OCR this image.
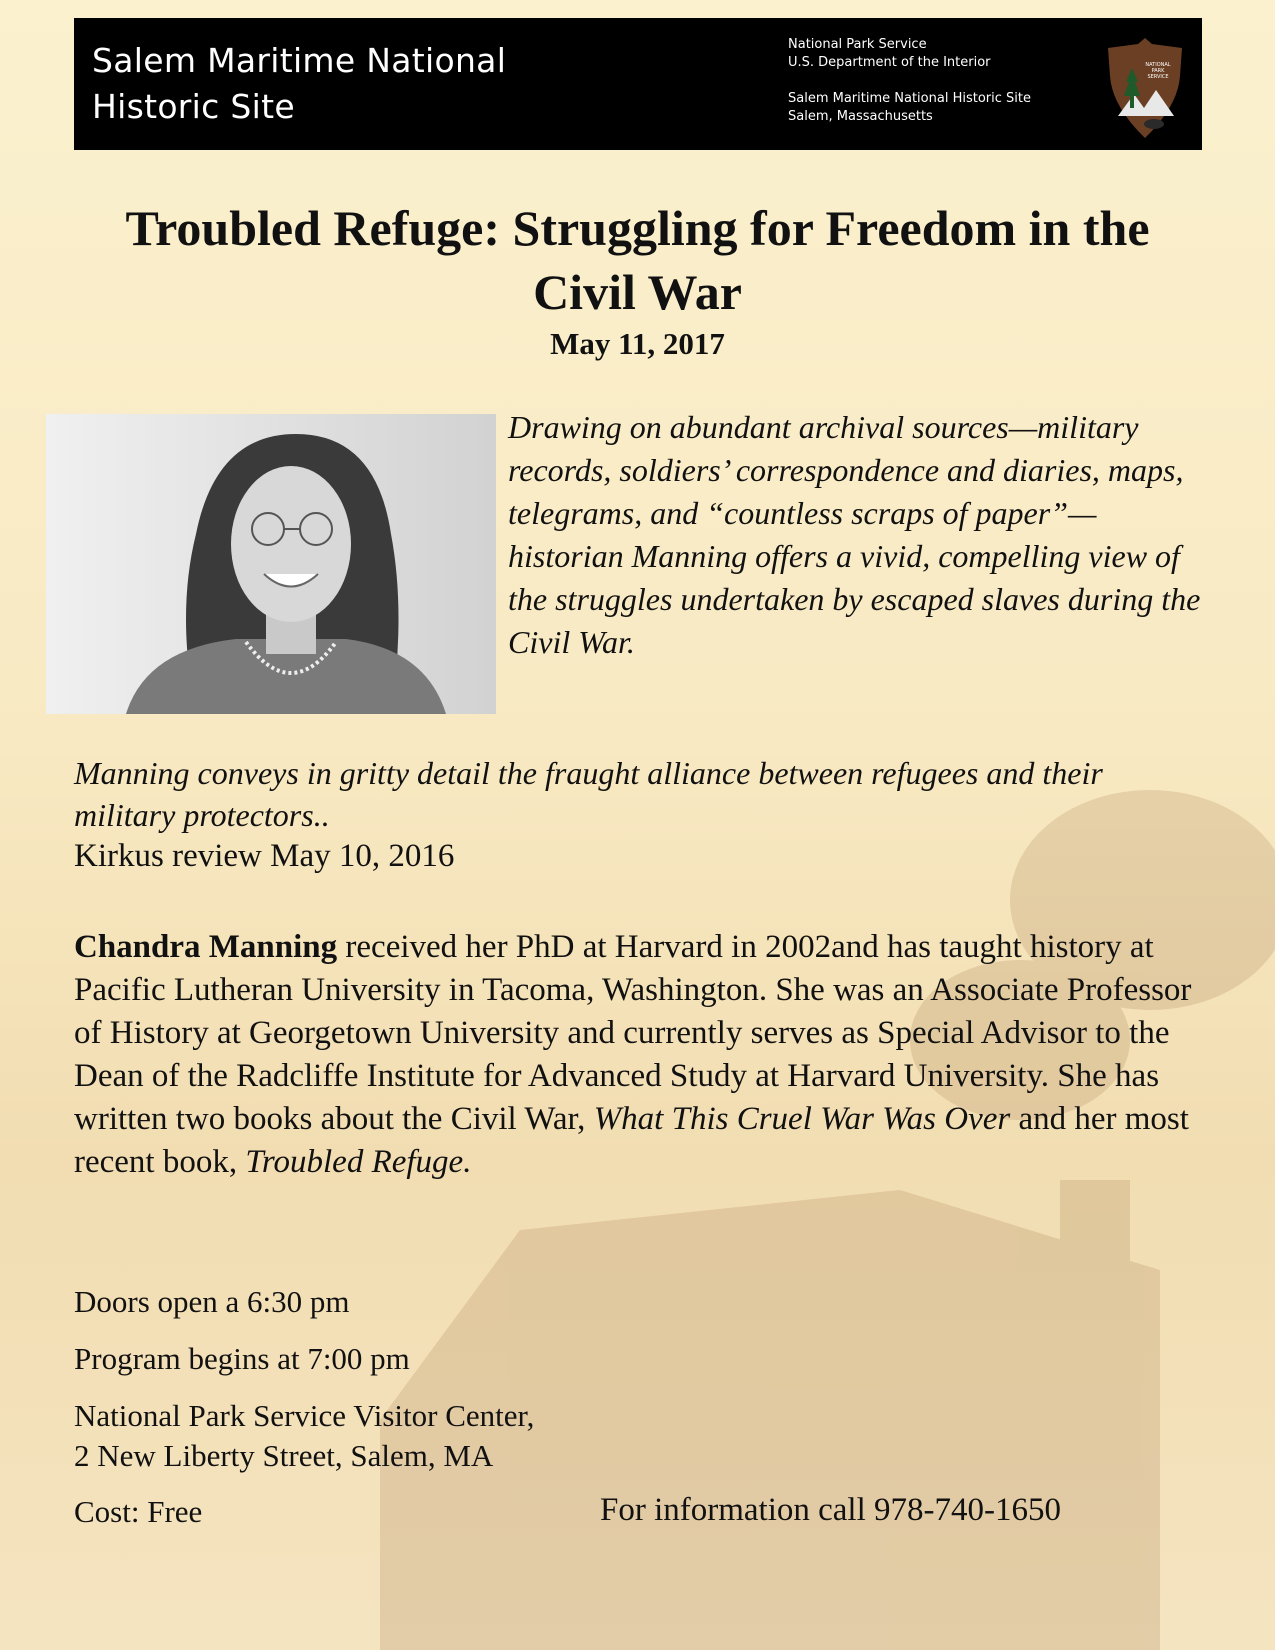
Salem Maritime National
Historic Site
National Park Service
U.S. Department of the Interior
Salem Maritime National Historic Site
Salem, Massachusetts
NATIONAL
PARK
SERVICE
Troubled Refuge: Struggling for Freedom in the Civil War
May 11, 2017
Drawing on abundant archival sources—military records, soldiers’ correspondence and diaries, maps, telegrams, and “countless scraps of paper”—historian Manning offers a vivid, compelling view of the struggles undertaken by escaped slaves during the Civil War.
Manning conveys in gritty detail the fraught alliance between refugees and their military protectors..
Kirkus review May 10, 2016
Chandra Manning received her PhD at Harvard in 2002and has taught history at Pacific Lutheran University in Tacoma, Washington. She was an Associate Professor of History at Georgetown University and currently serves as Special Advisor to the Dean of the Radcliffe Institute for Advanced Study at Harvard University. She has written two books about the Civil War, What This Cruel War Was Over and her most recent book, Troubled Refuge.
Doors open a 6:30 pm
Program begins at 7:00 pm
National Park Service Visitor Center,
2 New Liberty Street, Salem, MA
Cost: Free	For information call 978-740-1650
